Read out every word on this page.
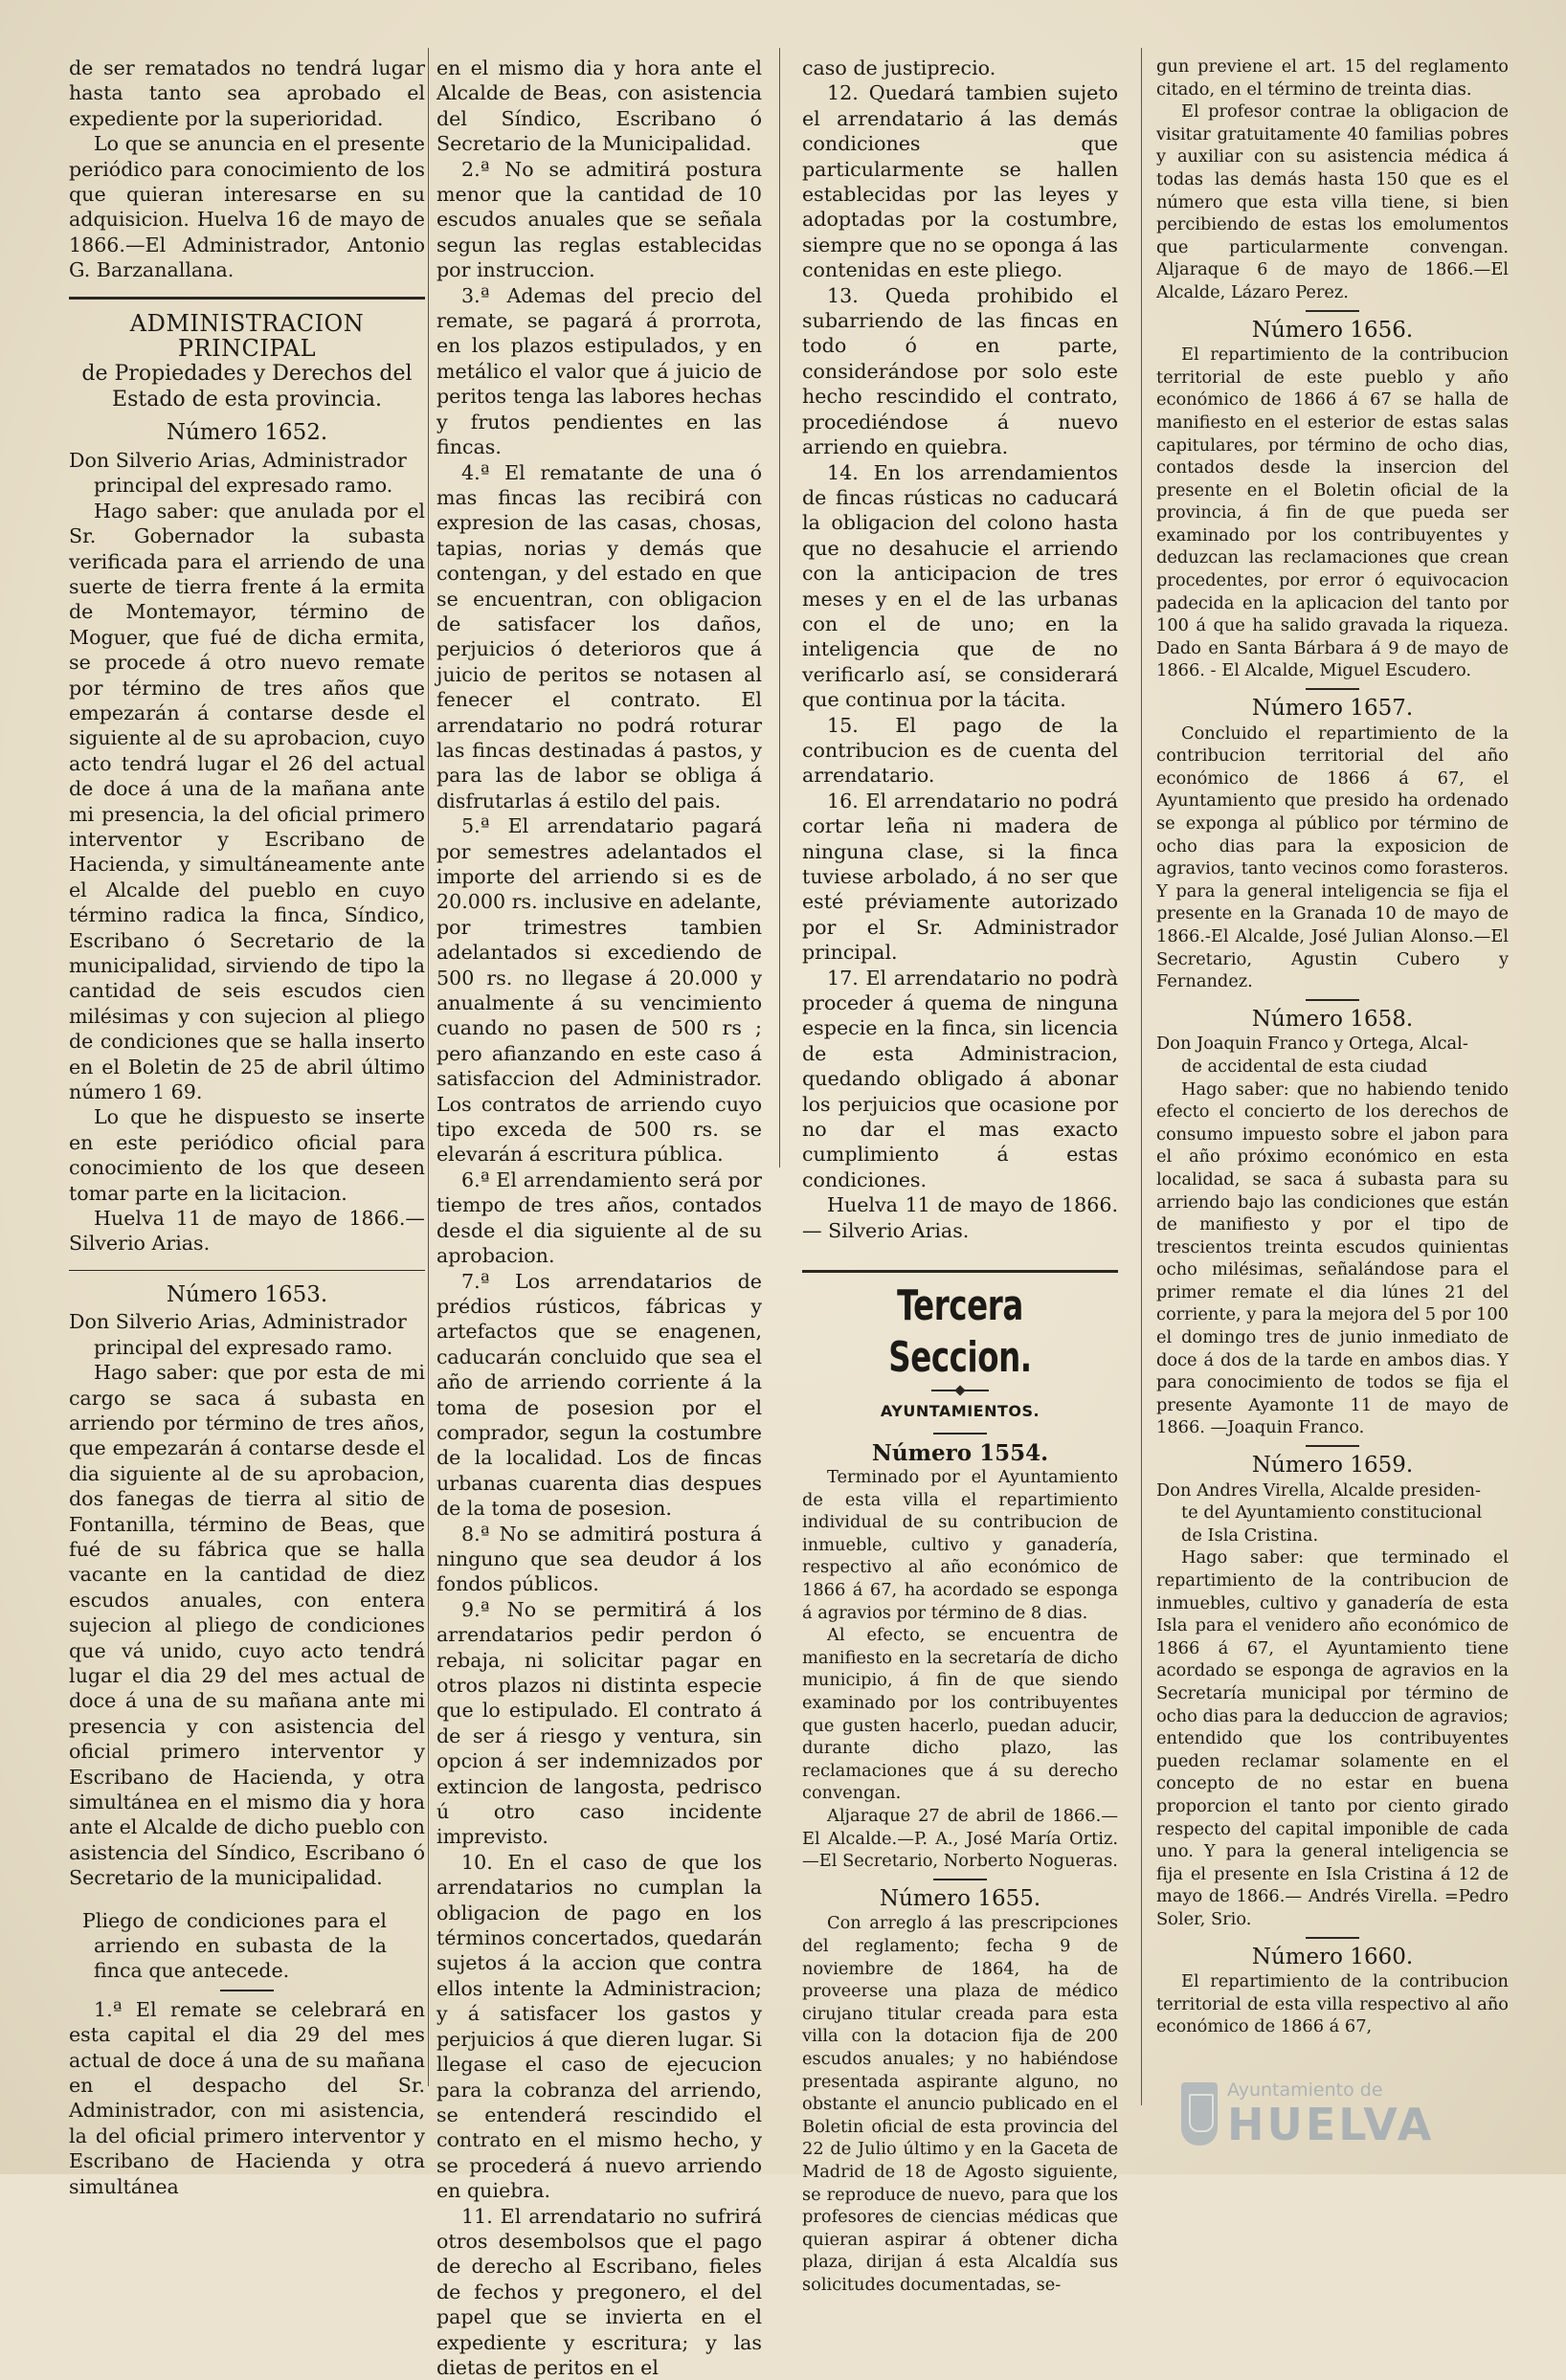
de ser rematados no tendrá lugar hasta tanto sea aprobado el expediente por la superioridad.

Lo que se anuncia en el presente periódico para conocimiento de los que quieran interesarse en su adquisicion. Huelva 16 de mayo de 1866.—El Administrador, Antonio G. Barzanallana.

ADMINISTRACION PRINCIPAL
de Propiedades y Derechos del Estado de esta provincia.
Número 1652.

Don Silverio Arias, Administrador

principal del expresado ramo.

Hago saber: que anulada por el Sr. Gobernador la subasta verificada para el arriendo de una suerte de tierra frente á la ermita de Montemayor, término de Moguer, que fué de dicha ermita, se procede á otro nuevo remate por término de tres años que empezarán á contarse desde el siguiente al de su aprobacion, cuyo acto tendrá lugar el 26 del actual de doce á una de la mañana ante mi presencia, la del oficial primero interventor y Escribano de Hacienda, y simultáneamente ante el Alcalde del pueblo en cuyo término radica la finca, Síndico, Escribano ó Secretario de la municipalidad, sirviendo de tipo la cantidad de seis escudos cien milésimas y con sujecion al pliego de condiciones que se halla inserto en el Boletin de 25 de abril último número 1 69.

Lo que he dispuesto se inserte en este periódico oficial para conocimiento de los que deseen tomar parte en la licitacion.

Huelva 11 de mayo de 1866.— Silverio Arias.

Número 1653.

Don Silverio Arias, Administrador

principal del expresado ramo.

Hago saber: que por esta de mi cargo se saca á subasta en arriendo por término de tres años, que empezarán á contarse desde el dia siguiente al de su aprobacion, dos fanegas de tierra al sitio de Fontanilla, término de Beas, que fué de su fábrica que se halla vacante en la cantidad de diez escudos anuales, con entera sujecion al pliego de condiciones que vá unido, cuyo acto tendrá lugar el dia 29 del mes actual de doce á una de su mañana ante mi presencia y con asistencia del oficial primero interventor y Escribano de Hacienda, y otra simultánea en el mismo dia y hora ante el Alcalde de dicho pueblo con asistencia del Síndico, Escribano ó Secretario de la municipalidad.

Pliego de condiciones para el arriendo en subasta de la finca que antecede.

1.ª El remate se celebrará en esta capital el dia 29 del mes actual de doce á una de su mañana en el despacho del Sr. Administrador, con mi asistencia, la del oficial primero interventor y Escribano de Hacienda y otra simultánea

en el mismo dia y hora ante el Alcalde de Beas, con asistencia del Síndico, Escribano ó Secretario de la Municipalidad.

2.ª No se admitirá postura menor que la cantidad de 10 escudos anuales que se señala segun las reglas establecidas por instruccion.

3.ª Ademas del precio del remate, se pagará á prorrota, en los plazos estipulados, y en metálico el valor que á juicio de peritos tenga las labores hechas y frutos pendientes en las fincas.

4.ª El rematante de una ó mas fincas las recibirá con expresion de las casas, chosas, tapias, norias y demás que contengan, y del estado en que se encuentran, con obligacion de satisfacer los daños, perjuicios ó deterioros que á juicio de peritos se notasen al fenecer el contrato. El arrendatario no podrá roturar las fincas destinadas á pastos, y para las de labor se obliga á disfrutarlas á estilo del pais.

5.ª El arrendatario pagará por semestres adelantados el importe del arriendo si es de 20.000 rs. inclusive en adelante, por trimestres tambien adelantados si excediendo de 500 rs. no llegase á 20.000 y anualmente á su vencimiento cuando no pasen de 500 rs ; pero afianzando en este caso á satisfaccion del Administrador. Los contratos de arriendo cuyo tipo exceda de 500 rs. se elevarán á escritura pública.

6.ª El arrendamiento será por tiempo de tres años, contados desde el dia siguiente al de su aprobacion.

7.ª Los arrendatarios de prédios rústicos, fábricas y artefactos que se enagenen, caducarán concluido que sea el año de arriendo corriente á la toma de posesion por el comprador, segun la costumbre de la localidad. Los de fincas urbanas cuarenta dias despues de la toma de posesion.

8.ª No se admitirá postura á ninguno que sea deudor á los fondos públicos.

9.ª No se permitirá á los arrendatarios pedir perdon ó rebaja, ni solicitar pagar en otros plazos ni distinta especie que lo estipulado. El contrato á de ser á riesgo y ventura, sin opcion á ser indemnizados por extincion de langosta, pedrisco ú otro caso incidente imprevisto.

10. En el caso de que los arrendatarios no cumplan la obligacion de pago en los términos concertados, quedarán sujetos á la accion que contra ellos intente la Administracion; y á satisfacer los gastos y perjuicios á que dieren lugar. Si llegase el caso de ejecucion para la cobranza del arriendo, se entenderá rescindido el contrato en el mismo hecho, y se procederá á nuevo arriendo en quiebra.

11. El arrendatario no sufrirá otros desembolsos que el pago de derecho al Escribano, fieles de fechos y pregonero, el del papel que se invierta en el expediente y escritura; y las dietas de peritos en el

caso de justiprecio.

12. Quedará tambien sujeto el arrendatario á las demás condiciones que particularmente se hallen establecidas por las leyes y adoptadas por la costumbre, siempre que no se oponga á las contenidas en este pliego.

13. Queda prohibido el subarriendo de las fincas en todo ó en parte, considerándose por solo este hecho rescindido el contrato, procediéndose á nuevo arriendo en quiebra.

14. En los arrendamientos de fincas rústicas no caducará la obligacion del colono hasta que no desahucie el arriendo con la anticipacion de tres meses y en el de las urbanas con el de uno; en la inteligencia que de no verificarlo así, se considerará que continua por la tácita.

15. El pago de la contribucion es de cuenta del arrendatario.

16. El arrendatario no podrá cortar leña ni madera de ninguna clase, si la finca tuviese arbolado, á no ser que esté préviamente autorizado por el Sr. Administrador principal.

17. El arrendatario no podrà proceder á quema de ninguna especie en la finca, sin licencia de esta Administracion, quedando obligado á abonar los perjuicios que ocasione por no dar el mas exacto cumplimiento á estas condiciones.

Huelva 11 de mayo de 1866.— Silverio Arias.

Tercera Seccion.
AYUNTAMIENTOS.
Número 1554.

Terminado por el Ayuntamiento de esta villa el repartimiento individual de su contribucion de inmueble, cultivo y ganadería, respectivo al año económico de 1866 á 67, ha acordado se esponga á agravios por término de 8 dias.

Al efecto, se encuentra de manifiesto en la secretaría de dicho municipio, á fin de que siendo examinado por los contribuyentes que gusten hacerlo, puedan aducir, durante dicho plazo, las reclamaciones que á su derecho convengan.

Aljaraque 27 de abril de 1866.— El Alcalde.—P. A., José María Ortiz.—El Secretario, Norberto Nogueras.

Número 1655.

Con arreglo á las prescripciones del reglamento; fecha 9 de noviembre de 1864, ha de proveerse una plaza de médico cirujano titular creada para esta villa con la dotacion fija de 200 escudos anuales; y no habiéndose presentada aspirante alguno, no obstante el anuncio publicado en el Boletin oficial de esta provincia del 22 de Julio último y en la Gaceta de Madrid de 18 de Agosto siguiente, se reproduce de nuevo, para que los profesores de ciencias médicas que quieran aspirar á obtener dicha plaza, dirijan á esta Alcaldía sus solicitudes documentadas, se-

gun previene el art. 15 del reglamento citado, en el término de treinta dias.

El profesor contrae la obligacion de visitar gratuitamente 40 familias pobres y auxiliar con su asistencia médica á todas las demás hasta 150 que es el número que esta villa tiene, si bien percibiendo de estas los emolumentos que particularmente convengan. Aljaraque 6 de mayo de 1866.—El Alcalde, Lázaro Perez.

Número 1656.

El repartimiento de la contribucion territorial de este pueblo y año económico de 1866 á 67 se halla de manifiesto en el esterior de estas salas capitulares, por término de ocho dias, contados desde la insercion del presente en el Boletin oficial de la provincia, á fin de que pueda ser examinado por los contribuyentes y deduzcan las reclamaciones que crean procedentes, por error ó equivocacion padecida en la aplicacion del tanto por 100 á que ha salido gravada la riqueza. Dado en Santa Bárbara á 9 de mayo de 1866. - El Alcalde, Miguel Escudero.

Número 1657.

Concluido el repartimiento de la contribucion territorial del año económico de 1866 á 67, el Ayuntamiento que presido ha ordenado se exponga al público por término de ocho dias para la exposicion de agravios, tanto vecinos como forasteros. Y para la general inteligencia se fija el presente en la Granada 10 de mayo de 1866.-El Alcalde, José Julian Alonso.—El Secretario, Agustin Cubero y Fernandez.

Número 1658.

Don Joaquin Franco y Ortega, Alcal-

de accidental de esta ciudad

Hago saber: que no habiendo tenido efecto el concierto de los derechos de consumo impuesto sobre el jabon para el año próximo económico en esta localidad, se saca á subasta para su arriendo bajo las condiciones que están de manifiesto y por el tipo de trescientos treinta escudos quinientas ocho milésimas, señalándose para el primer remate el dia lúnes 21 del corriente, y para la mejora del 5 por 100 el domingo tres de junio inmediato de doce á dos de la tarde en ambos dias. Y para conocimiento de todos se fija el presente Ayamonte 11 de mayo de 1866. —Joaquin Franco.

Número 1659.

Don Andres Virella, Alcalde presiden-

te del Ayuntamiento constitucional

de Isla Cristina.

Hago saber: que terminado el repartimiento de la contribucion de inmuebles, cultivo y ganadería de esta Isla para el venidero año económico de 1866 á 67, el Ayuntamiento tiene acordado se esponga de agravios en la Secretaría municipal por término de ocho dias para la deduccion de agravios; entendido que los contribuyentes pueden reclamar solamente en el concepto de no estar en buena proporcion el tanto por ciento girado respecto del capital imponible de cada uno. Y para la general inteligencia se fija el presente en Isla Cristina á 12 de mayo de 1866.— Andrés Virella. =Pedro Soler, Srio.

Número 1660.

El repartimiento de la contribucion territorial de esta villa respectivo al año económico de 1866 á 67,

Ayuntamiento de
HUELVA
